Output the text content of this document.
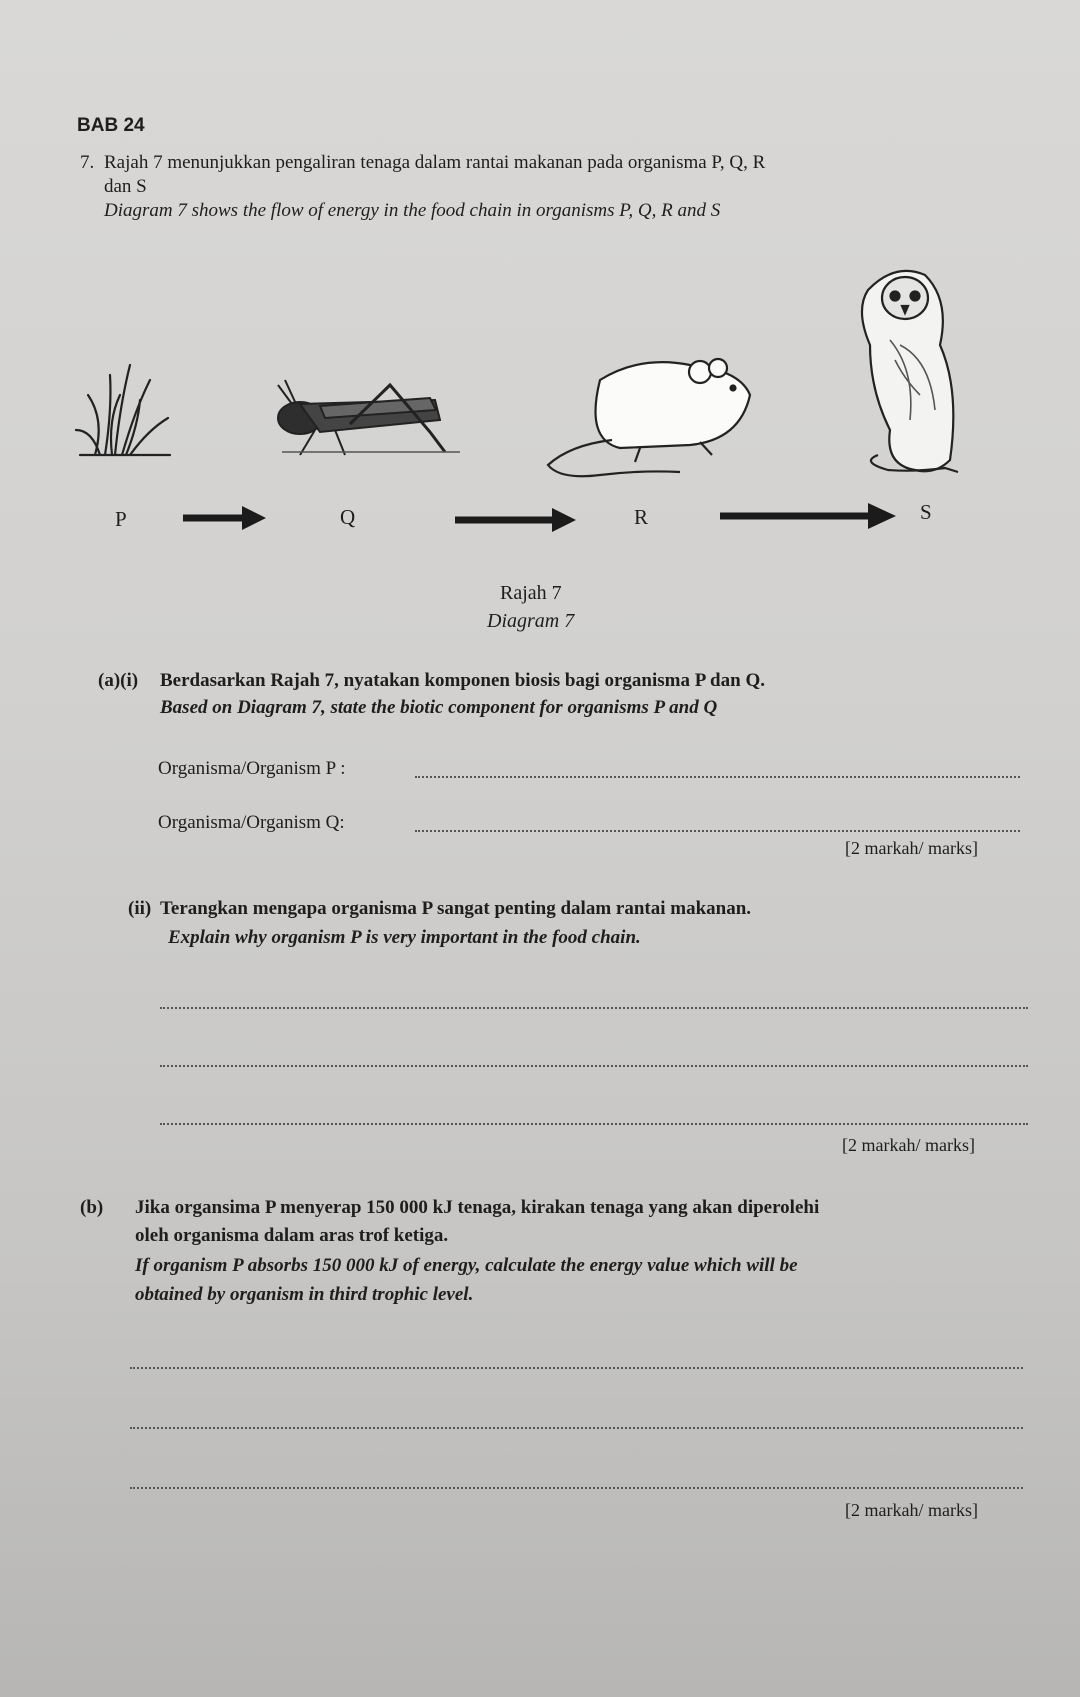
BAB 24
7. Rajah 7 menunjukkan pengaliran tenaga dalam rantai makanan pada organisma P, Q, R
dan S
Diagram 7 shows the flow of energy in the food chain in organisms P, Q, R and S
P	Q	R	S
Rajah 7
Diagram 7
(a)(i) Berdasarkan Rajah 7, nyatakan komponen biosis bagi organisma P dan Q.
Based on Diagram 7, state the biotic component for organisms P and Q
Organisma/Organism P :
Organisma/Organism Q:
[2 markah/ marks]
(ii) Terangkan mengapa organisma P sangat penting dalam rantai makanan.
Explain why organism P is very important in the food chain.
[2 markah/ marks]
(b) Jika organsima P menyerap 150 000 kJ tenaga, kirakan tenaga yang akan diperolehi
oleh organisma dalam aras trof ketiga.
If organism P absorbs 150 000 kJ of energy, calculate the energy value which will be
obtained by organism in third trophic level.
[2 markah/ marks]
